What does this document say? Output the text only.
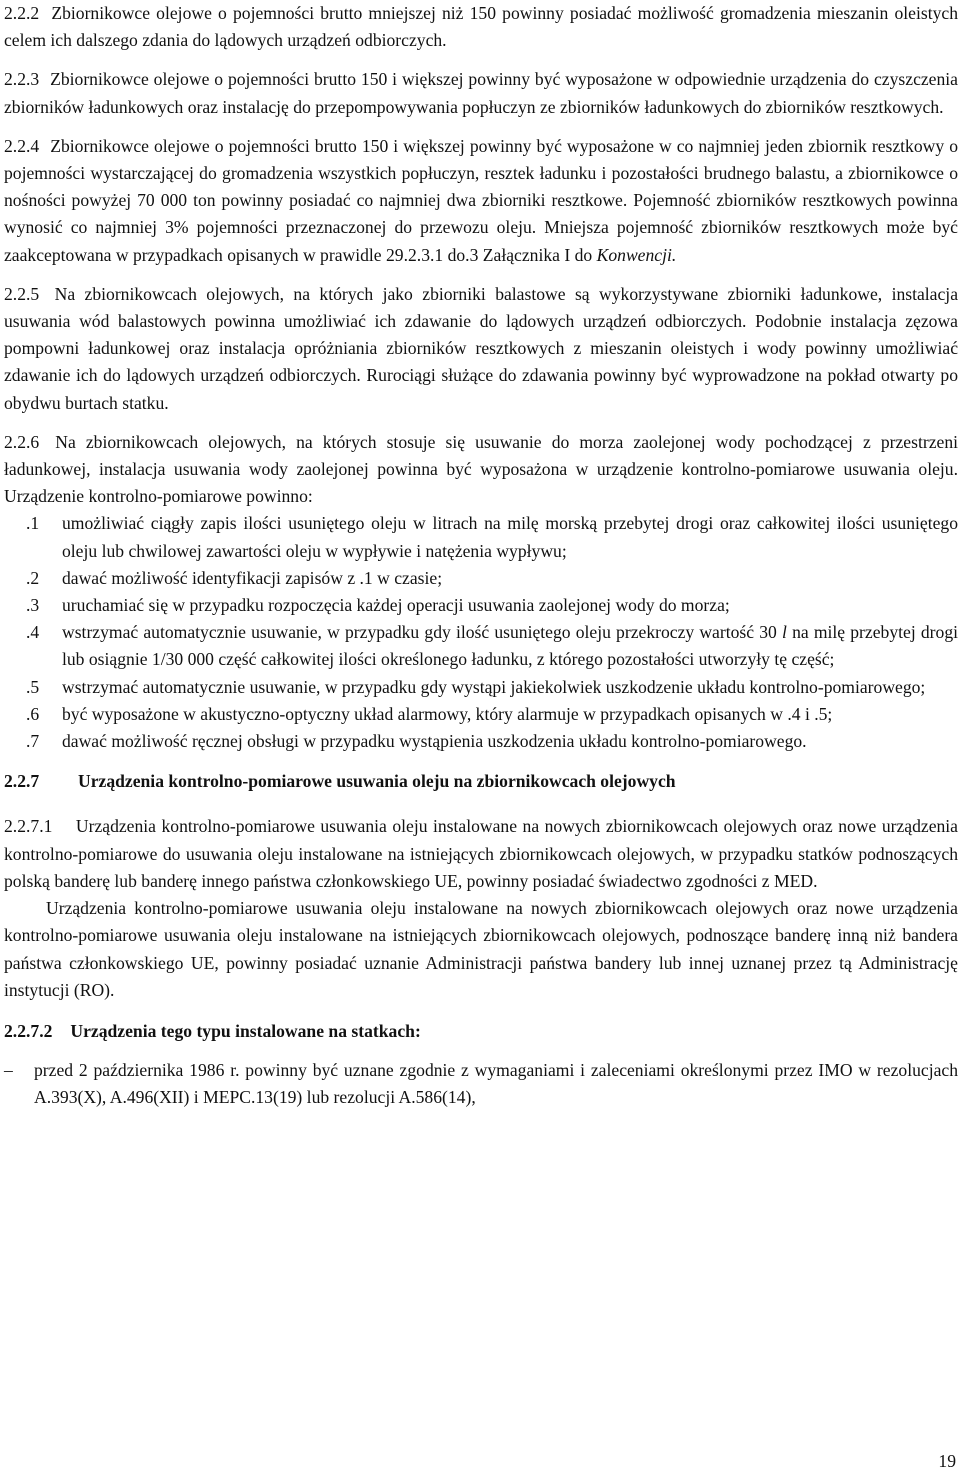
2.2.2 Zbiornikowce olejowe o pojemności brutto mniejszej niż 150 powinny posiadać możliwość gromadzenia mieszanin oleistych celem ich dalszego zdania do lądowych urządzeń odbiorczych.

2.2.3 Zbiornikowce olejowe o pojemności brutto 150 i większej powinny być wyposażone w odpowiednie urządzenia do czyszczenia zbiorników ładunkowych oraz instalację do przepompowywania popłuczyn ze zbiorników ładunkowych do zbiorników resztkowych.

2.2.4 Zbiornikowce olejowe o pojemności brutto 150 i większej powinny być wyposażone w co najmniej jeden zbiornik resztkowy o pojemności wystarczającej do gromadzenia wszystkich popłuczyn, resztek ładunku i pozostałości brudnego balastu, a zbiornikowce o nośności powyżej 70 000 ton powinny posiadać co najmniej dwa zbiorniki resztkowe. Pojemność zbiorników resztkowych powinna wynosić co najmniej 3% pojemności przeznaczonej do przewozu oleju. Mniejsza pojemność zbiorników resztkowych może być zaakceptowana w przypadkach opisanych w prawidle 29.2.3.1 do.3 Załącznika I do Konwencji.

2.2.5 Na zbiornikowcach olejowych, na których jako zbiorniki balastowe są wykorzystywane zbiorniki ładunkowe, instalacja usuwania wód balastowych powinna umożliwiać ich zdawanie do lądowych urządzeń odbiorczych. Podobnie instalacja zęzowa pompowni ładunkowej oraz instalacja opróżniania zbiorników resztkowych z mieszanin oleistych i wody powinny umożliwiać zdawanie ich do lądowych urządzeń odbiorczych. Rurociągi służące do zdawania powinny być wyprowadzone na pokład otwarty po obydwu burtach statku.

2.2.6 Na zbiornikowcach olejowych, na których stosuje się usuwanie do morza zaolejonej wody pochodzącej z przestrzeni ładunkowej, instalacja usuwania wody zaolejonej powinna być wyposażona w urządzenie kontrolno-pomiarowe usuwania oleju. Urządzenie kontrolno-pomiarowe powinno:

.1	umożliwiać ciągły zapis ilości usuniętego oleju w litrach na milę morską przebytej drogi oraz całkowitej ilości usuniętego oleju lub chwilowej zawartości oleju w wypływie i natężenia wypływu;
.2	dawać możliwość identyfikacji zapisów z .1 w czasie;
.3	uruchamiać się w przypadku rozpoczęcia każdej operacji usuwania zaolejonej wody do morza;
.4	wstrzymać automatycznie usuwanie, w przypadku gdy ilość usuniętego oleju przekroczy wartość 30 l na milę przebytej drogi lub osiągnie 1/30 000 część całkowitej ilości określonego ładunku, z którego pozostałości utworzyły tę część;
.5	wstrzymać automatycznie usuwanie, w przypadku gdy wystąpi jakiekolwiek uszkodzenie układu kontrolno-pomiarowego;
.6	być wyposażone w akustyczno-optyczny układ alarmowy, który alarmuje w przypadkach opisanych w .4 i .5;
.7	dawać możliwość ręcznej obsługi w przypadku wystąpienia uszkodzenia układu kontrolno-pomiarowego.

2.2.7 Urządzenia kontrolno-pomiarowe usuwania oleju na zbiornikowcach olejowych

2.2.7.1 Urządzenia kontrolno-pomiarowe usuwania oleju instalowane na nowych zbiornikowcach olejowych oraz nowe urządzenia kontrolno-pomiarowe do usuwania oleju instalowane na istniejących zbiornikowcach olejowych, w przypadku statków podnoszących polską banderę lub banderę innego państwa członkowskiego UE, powinny posiadać świadectwo zgodności z MED.

Urządzenia kontrolno-pomiarowe usuwania oleju instalowane na nowych zbiornikowcach olejowych oraz nowe urządzenia kontrolno-pomiarowe usuwania oleju instalowane na istniejących zbiornikowcach olejowych, podnoszące banderę inną niż bandera państwa członkowskiego UE, powinny posiadać uznanie Administracji państwa bandery lub innej uznanej przez tą Administrację instytucji (RO).

2.2.7.2 Urządzenia tego typu instalowane na statkach:

–	przed 2 października 1986 r. powinny być uznane zgodnie z wymaganiami i zaleceniami określonymi przez IMO w rezolucjach A.393(X), A.496(XII) i MEPC.13(19) lub rezolucji A.586(14),
19
